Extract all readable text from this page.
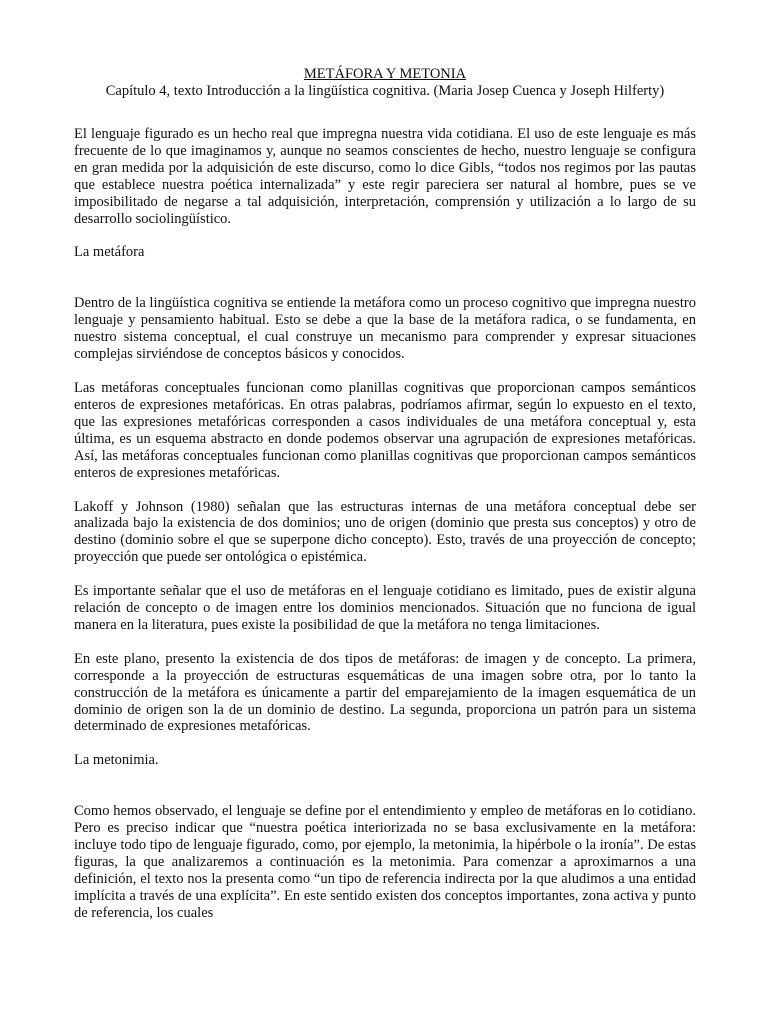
METÁFORA Y METONIA

Capítulo 4, texto Introducción a la lingüística cognitiva. (Maria Josep Cuenca y Joseph Hilferty)

El lenguaje figurado es un hecho real que impregna nuestra vida cotidiana. El uso de este lenguaje es más frecuente de lo que imaginamos y, aunque no seamos conscientes de hecho, nuestro lenguaje se configura en gran medida por la adquisición de este discurso, como lo dice Gibls, “todos nos regimos por las pautas que establece nuestra poética internalizada” y este regir pareciera ser natural al hombre, pues se ve imposibilitado de negarse a tal adquisición, interpretación, comprensión y utilización a lo largo de su desarrollo sociolingüístico.

La metáfora

Dentro de la lingüística cognitiva se entiende la metáfora como un proceso cognitivo que impregna nuestro lenguaje y pensamiento habitual. Esto se debe a que la base de la metáfora radica, o se fundamenta, en nuestro sistema conceptual, el cual construye un mecanismo para comprender y expresar situaciones complejas sirviéndose de conceptos básicos y conocidos.

Las metáforas conceptuales funcionan como planillas cognitivas que proporcionan campos semánticos enteros de expresiones metafóricas. En otras palabras, podríamos afirmar, según lo expuesto en el texto, que las expresiones metafóricas corresponden a casos individuales de una metáfora conceptual y, esta última, es un esquema abstracto en donde podemos observar una agrupación de expresiones metafóricas. Así, las metáforas conceptuales funcionan como planillas cognitivas que proporcionan campos semánticos enteros de expresiones metafóricas.

Lakoff y Johnson (1980) señalan que las estructuras internas de una metáfora conceptual debe ser analizada bajo la existencia de dos dominios; uno de origen (dominio que presta sus conceptos) y otro de destino (dominio sobre el que se superpone dicho concepto). Esto, través de una proyección de concepto; proyección que puede ser ontológica o epistémica.

Es importante señalar que el uso de metáforas en el lenguaje cotidiano es limitado, pues de existir alguna relación de concepto o de imagen entre los dominios mencionados. Situación que no funciona de igual manera en la literatura, pues existe la posibilidad de que la metáfora no tenga limitaciones.

En este plano, presento la existencia de dos tipos de metáforas: de imagen y de concepto. La primera, corresponde a la proyección de estructuras esquemáticas de una imagen sobre otra, por lo tanto la construcción de la metáfora es únicamente a partir del emparejamiento de la imagen esquemática de un dominio de origen son la de un dominio de destino. La segunda, proporciona un patrón para un sistema determinado de expresiones metafóricas.

La metonimia.

Como hemos observado, el lenguaje se define por el entendimiento y empleo de metáforas en lo cotidiano. Pero es preciso indicar que “nuestra poética interiorizada no se basa exclusivamente en la metáfora: incluye todo tipo de lenguaje figurado, como, por ejemplo, la metonimia, la hipérbole o la ironía”. De estas figuras, la que analizaremos a continuación es la metonimia. Para comenzar a aproximarnos a una definición, el texto nos la presenta como “un tipo de referencia indirecta por la que aludimos a una entidad implícita a través de una explícita”. En este sentido existen dos conceptos importantes, zona activa y punto de referencia, los cuales
